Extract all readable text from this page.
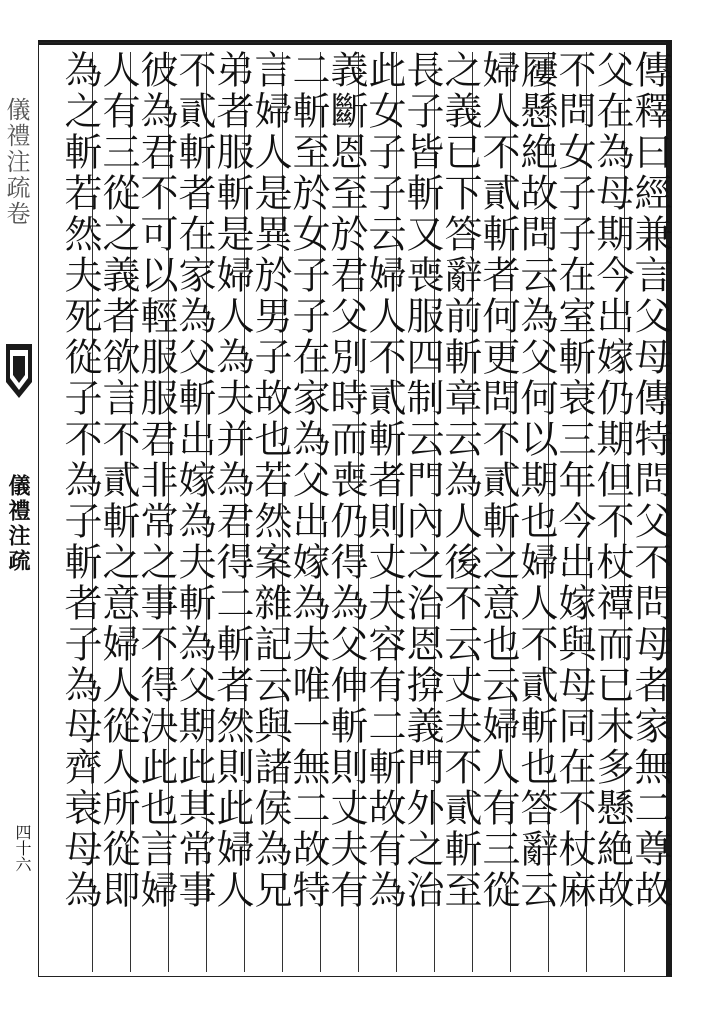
儀禮注疏卷
儀禮注疏
四十六	傳釋曰經兼言父母傳特問父不問母者家無二尊故
父在為母期今出嫁仍期但不杖禫而已未多懸絶故
不問女子子在室斬衰三年今出嫁與母同在不杖麻
屨懸絶故問云為父何以期也婦人不貳斬也答辭云
婦人不貳斬者何更問不貳斬之意也云婦人有三從
之義已下答辭前斬章云為人後不云丈夫不貳斬至
長子皆斬又喪服四制云門內之治恩揜義門外之治
此女子子云婦人不貳斬者則丈夫容有二斬故有為
義斷恩至於君父別時而喪仍得為父伸斬則丈夫有
二斬至於女子子在家為父出嫁為夫唯一無二故特
言婦人是異於男子故也若然案雜記云與諸侯為兄
弟者服斬是婦人為夫并為君得二斬者然則此婦人
不貳斬者在家為父斬出嫁為夫斬為父期此其常事
彼為君不可以輕服服君非常之事不得決此也言婦
人有三從之義者欲言不貳斬之意婦人從人所從即
為之斬若然夫死從子不為子斬者子為母齊衰母為
